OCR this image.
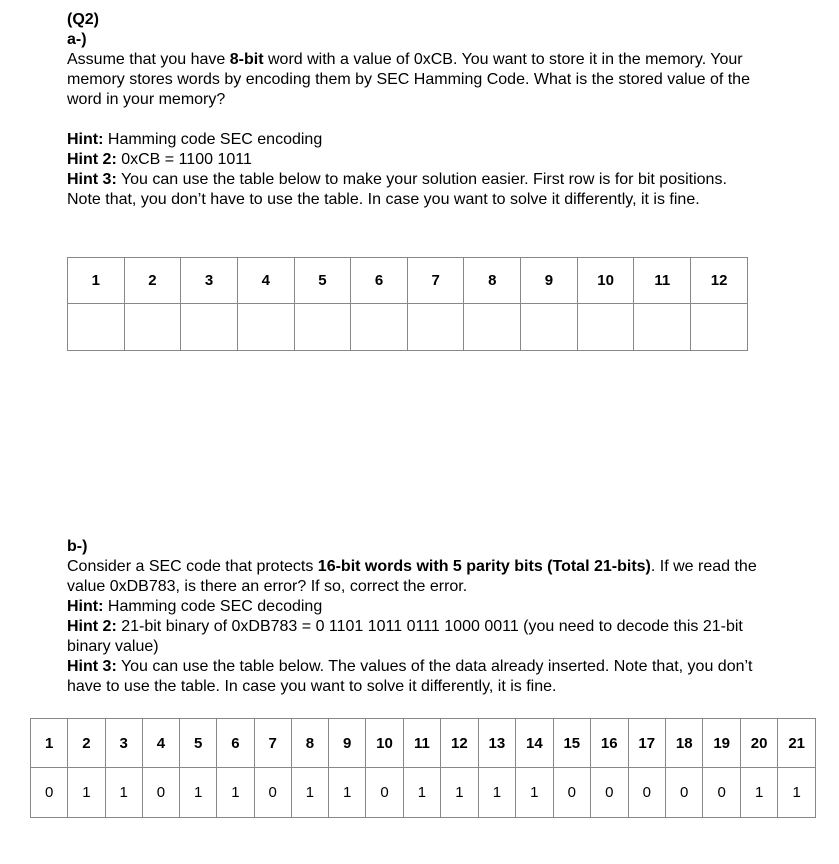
(Q2)

a-)

Assume that you have 8-bit word with a value of 0xCB. You want to store it in the memory. Your memory stores words by encoding them by SEC Hamming Code. What is the stored value of the word in your memory?

Hint: Hamming code SEC encoding

Hint 2: 0xCB = 1100 1011

Hint 3: You can use the table below to make your solution easier. First row is for bit positions. Note that, you don’t have to use the table. In case you want to solve it differently, it is fine.

1	2	3	4	5	6	7	8	9	10	11	12

b-)

Consider a SEC code that protects 16-bit words with 5 parity bits (Total 21-bits). If we read the value 0xDB783, is there an error? If so, correct the error.

Hint: Hamming code SEC decoding

Hint 2: 21-bit binary of 0xDB783 = 0 1101 1011 0111 1000 0011 (you need to decode this 21-bit binary value)

Hint 3: You can use the table below. The values of the data already inserted. Note that, you don’t have to use the table. In case you want to solve it differently, it is fine.

1	2	3	4	5	6	7	8	9	10	11	12	13	14	15	16	17	18	19	20	21
0	1	1	0	1	1	0	1	1	0	1	1	1	1	0	0	0	0	0	1	1
